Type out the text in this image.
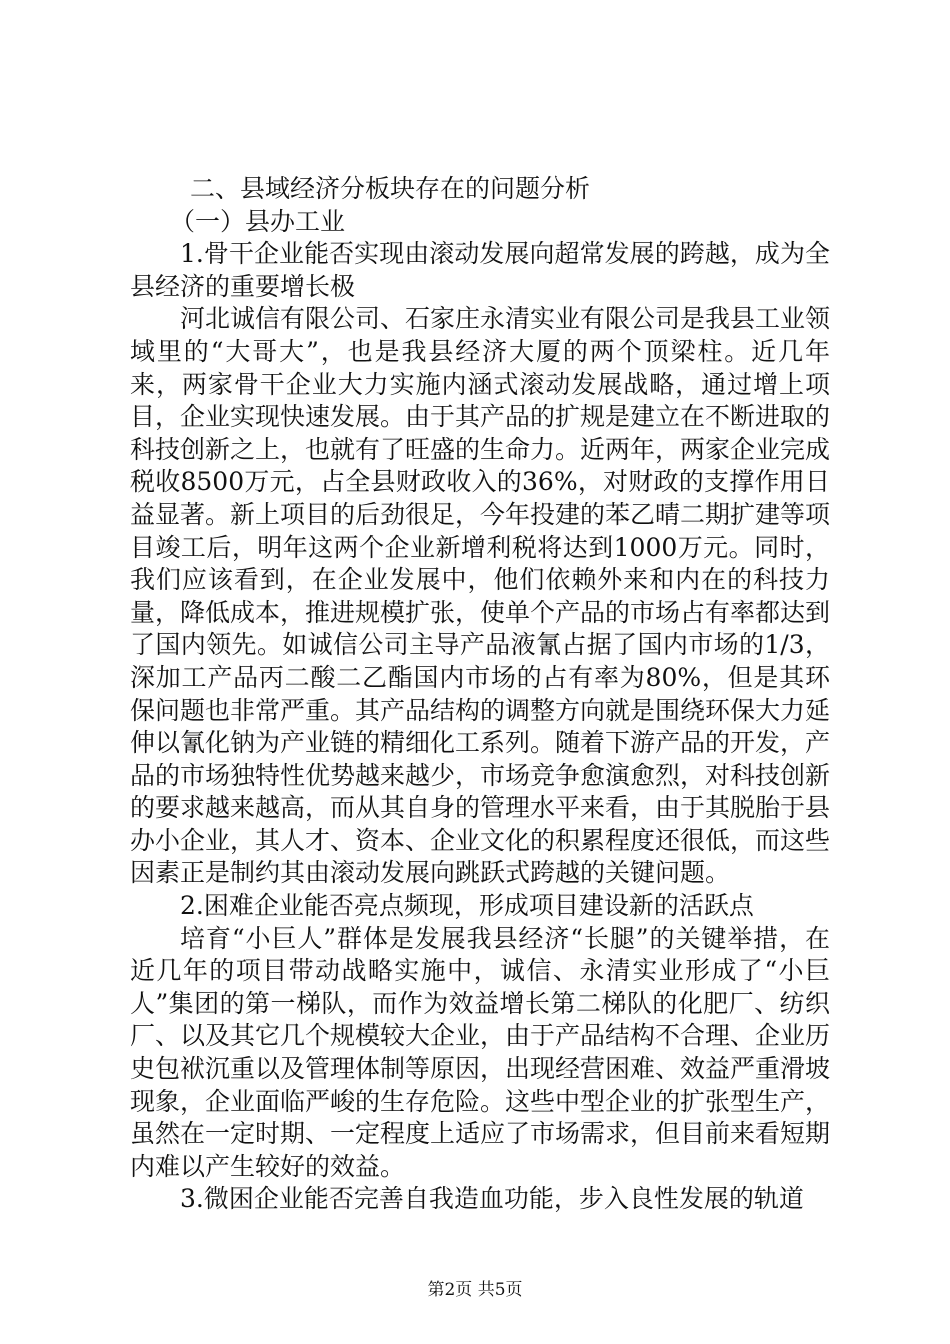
二、县域经济分板块存在的问题分析

（一）县办工业

1.骨干企业能否实现由滚动发展向超常发展的跨越，成为全县经济的重要增长极

河北诚信有限公司、石家庄永清实业有限公司是我县工业领域里的“大哥大”，也是我县经济大厦的两个顶梁柱。近几年来，两家骨干企业大力实施内涵式滚动发展战略，通过增上项目，企业实现快速发展。由于其产品的扩规是建立在不断进取的科技创新之上，也就有了旺盛的生命力。近两年，两家企业完成税收8500万元，占全县财政收入的36%，对财政的支撑作用日益显著。新上项目的后劲很足，今年投建的苯乙晴二期扩建等项目竣工后，明年这两个企业新增利税将达到1000万元。同时，我们应该看到，在企业发展中，他们依赖外来和内在的科技力量，降低成本，推进规模扩张，使单个产品的市场占有率都达到了国内领先。如诚信公司主导产品液氰占据了国内市场的1/3，深加工产品丙二酸二乙酯国内市场的占有率为80%，但是其环保问题也非常严重。其产品结构的调整方向就是围绕环保大力延伸以氰化钠为产业链的精细化工系列。随着下游产品的开发，产品的市场独特性优势越来越少，市场竞争愈演愈烈，对科技创新的要求越来越高，而从其自身的管理水平来看，由于其脱胎于县办小企业，其人才、资本、企业文化的积累程度还很低，而这些因素正是制约其由滚动发展向跳跃式跨越的关键问题。

2.困难企业能否亮点频现，形成项目建设新的活跃点

培育“小巨人”群体是发展我县经济“长腿”的关键举措，在近几年的项目带动战略实施中，诚信、永清实业形成了“小巨人”集团的第一梯队，而作为效益增长第二梯队的化肥厂、纺织厂、以及其它几个规模较大企业，由于产品结构不合理、企业历史包袱沉重以及管理体制等原因，出现经营困难、效益严重滑坡现象，企业面临严峻的生存危险。这些中型企业的扩张型生产，虽然在一定时期、一定程度上适应了市场需求，但目前来看短期内难以产生较好的效益。

3.微困企业能否完善自我造血功能，步入良性发展的轨道

第2页 共5页
